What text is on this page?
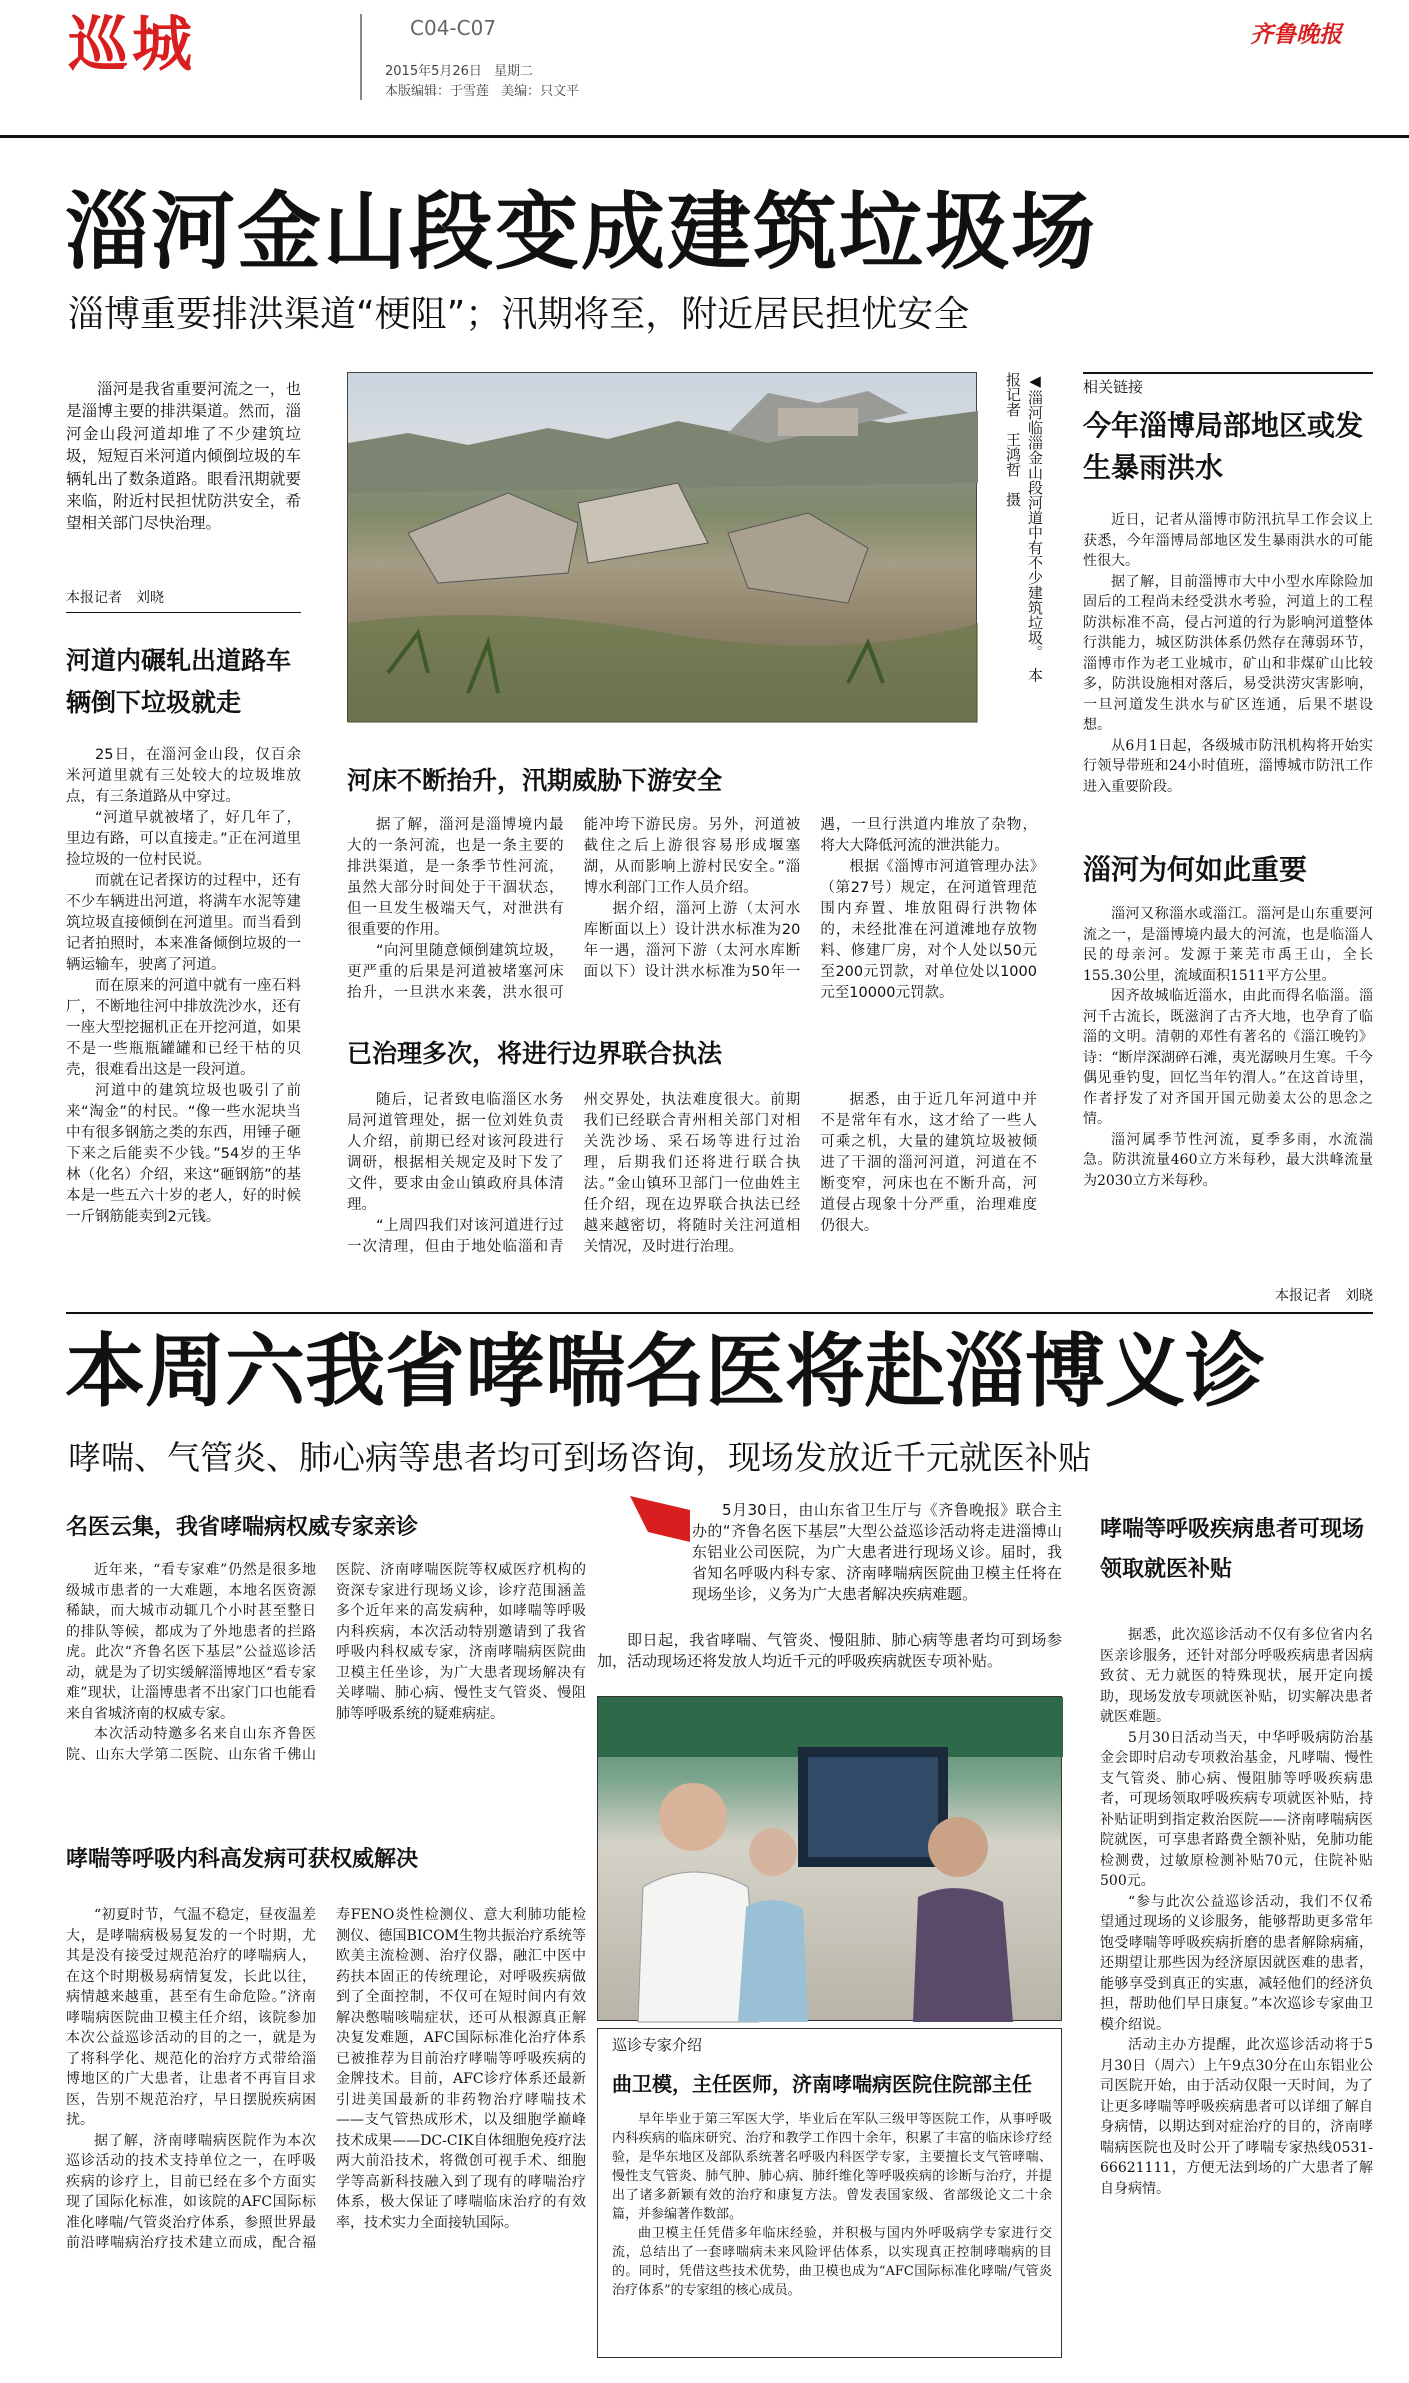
巡城	C04-C07
2015年5月26日 星期二
本版编辑：于雪莲 美编：只文平
齐鲁晚报
淄河金山段变成建筑垃圾场
淄博重要排洪渠道“梗阻”；汛期将至，附近居民担忧安全

淄河是我省重要河流之一，也是淄博主要的排洪渠道。然而，淄河金山段河道却堆了不少建筑垃圾，短短百米河道内倾倒垃圾的车辆轧出了数条道路。眼看汛期就要来临，附近村民担忧防洪安全，希望相关部门尽快治理。

本报记者　刘晓
河道内碾轧出道路车辆倒下垃圾就走

25日，在淄河金山段，仅百余米河道里就有三处较大的垃圾堆放点，有三条道路从中穿过。

“河道早就被堵了，好几年了，里边有路，可以直接走。”正在河道里捡垃圾的一位村民说。

而就在记者探访的过程中，还有不少车辆进出河道，将满车水泥等建筑垃圾直接倾倒在河道里。而当看到记者拍照时，本来准备倾倒垃圾的一辆运输车，驶离了河道。

而在原来的河道中就有一座石料厂，不断地往河中排放洗沙水，还有一座大型挖掘机正在开挖河道，如果不是一些瓶瓶罐罐和已经干枯的贝壳，很难看出这是一段河道。

河道中的建筑垃圾也吸引了前来“淘金”的村民。“像一些水泥块当中有很多钢筋之类的东西，用锤子砸下来之后能卖不少钱。”54岁的王华林（化名）介绍，来这“砸钢筋”的基本是一些五六十岁的老人，好的时候一斤钢筋能卖到2元钱。

◀淄河临淄金山段河道中有不少建筑垃圾。　本报记者　王鸿哲　摄
河床不断抬升，汛期威胁下游安全

据了解，淄河是淄博境内最大的一条河流，也是一条主要的排洪渠道，是一条季节性河流，虽然大部分时间处于干涸状态，但一旦发生极端天气，对泄洪有很重要的作用。

“向河里随意倾倒建筑垃圾，更严重的后果是河道被堵塞河床抬升，一旦洪水来袭，洪水很可能冲垮下游民房。另外，河道被截住之后上游很容易形成堰塞湖，从而影响上游村民安全。”淄博水利部门工作人员介绍。

据介绍，淄河上游（太河水库断面以上）设计洪水标准为20年一遇，淄河下游（太河水库断面以下）设计洪水标准为50年一遇，一旦行洪道内堆放了杂物，将大大降低河流的泄洪能力。

根据《淄博市河道管理办法》（第27号）规定，在河道管理范围内弃置、堆放阻碍行洪物体的，未经批准在河道滩地存放物料、修建厂房，对个人处以50元至200元罚款，对单位处以1000元至10000元罚款。

已治理多次，将进行边界联合执法

随后，记者致电临淄区水务局河道管理处，据一位刘姓负责人介绍，前期已经对该河段进行调研，根据相关规定及时下发了文件，要求由金山镇政府具体清理。

“上周四我们对该河道进行过一次清理，但由于地处临淄和青州交界处，执法难度很大。前期我们已经联合青州相关部门对相关洗沙场、采石场等进行过治理，后期我们还将进行联合执法。”金山镇环卫部门一位曲姓主任介绍，现在边界联合执法已经越来越密切，将随时关注河道相关情况，及时进行治理。

据悉，由于近几年河道中并不是常年有水，这才给了一些人可乘之机，大量的建筑垃圾被倾进了干涸的淄河河道，河道在不断变窄，河床也在不断升高，河道侵占现象十分严重，治理难度仍很大。

相关链接
今年淄博局部地区或发生暴雨洪水

近日，记者从淄博市防汛抗旱工作会议上获悉，今年淄博局部地区发生暴雨洪水的可能性很大。

据了解，目前淄博市大中小型水库除险加固后的工程尚未经受洪水考验，河道上的工程防洪标准不高，侵占河道的行为影响河道整体行洪能力，城区防洪体系仍然存在薄弱环节，淄博市作为老工业城市，矿山和非煤矿山比较多，防洪设施相对落后，易受洪涝灾害影响，一旦河道发生洪水与矿区连通，后果不堪设想。

从6月1日起，各级城市防汛机构将开始实行领导带班和24小时值班，淄博城市防汛工作进入重要阶段。

淄河为何如此重要

淄河又称淄水或淄江。淄河是山东重要河流之一，是淄博境内最大的河流，也是临淄人民的母亲河。发源于莱芜市禹王山，全长155.30公里，流域面积1511平方公里。

因齐故城临近淄水，由此而得名临淄。淄河千古流长，既滋润了古齐大地，也孕育了临淄的文明。清朝的邓性有著名的《淄江晚钓》诗：“断岸深湖碎石滩，夷光潺映月生寒。千今偶见垂钓叟，回忆当年钓渭人。”在这首诗里，作者抒发了对齐国开国元勋姜太公的思念之情。

淄河属季节性河流，夏季多雨，水流湍急。防洪流量460立方米每秒，最大洪峰流量为2030立方米每秒。

本报记者　刘晓
本周六我省哮喘名医将赴淄博义诊
哮喘、气管炎、肺心病等患者均可到场咨询，现场发放近千元就医补贴
名医云集，我省哮喘病权威专家亲诊

近年来，“看专家难”仍然是很多地级城市患者的一大难题，本地名医资源稀缺，而大城市动辄几个小时甚至整日的排队等候，都成为了外地患者的拦路虎。此次“齐鲁名医下基层”公益巡诊活动，就是为了切实缓解淄博地区“看专家难”现状，让淄博患者不出家门口也能看来自省城济南的权威专家。

本次活动特邀多名来自山东齐鲁医院、山东大学第二医院、山东省千佛山医院、济南哮喘医院等权威医疗机构的资深专家进行现场义诊，诊疗范围涵盖多个近年来的高发病种，如哮喘等呼吸内科疾病，本次活动特别邀请到了我省呼吸内科权威专家，济南哮喘病医院曲卫模主任坐诊，为广大患者现场解决有关哮喘、肺心病、慢性支气管炎、慢阻肺等呼吸系统的疑难病症。

哮喘等呼吸内科高发病可获权威解决

“初夏时节，气温不稳定，昼夜温差大，是哮喘病极易复发的一个时期，尤其是没有接受过规范治疗的哮喘病人，在这个时期极易病情复发，长此以往，病情越来越重，甚至有生命危险。”济南哮喘病医院曲卫模主任介绍，该院参加本次公益巡诊活动的目的之一，就是为了将科学化、规范化的治疗方式带给淄博地区的广大患者，让患者不再盲目求医，告别不规范治疗，早日摆脱疾病困扰。

据了解，济南哮喘病医院作为本次巡诊活动的技术支持单位之一，在呼吸疾病的诊疗上，目前已经在多个方面实现了国际化标准，如该院的AFC国际标准化哮喘/气管炎治疗体系，参照世界最前沿哮喘病治疗技术建立而成，配合福寿FENO炎性检测仪、意大利肺功能检测仪、德国BICOM生物共振治疗系统等欧美主流检测、治疗仪器，融汇中医中药扶本固正的传统理论，对呼吸疾病做到了全面控制，不仅可在短时间内有效解决憋喘咳喘症状，还可从根源真正解决复发难题，AFC国际标准化治疗体系已被推荐为目前治疗哮喘等呼吸疾病的金牌技术。目前，AFC诊疗体系还最新引进美国最新的非药物治疗哮喘技术——支气管热成形术，以及细胞学巅峰技术成果——DC-CIK自体细胞免疫疗法两大前沿技术，将微创可视手术、细胞学等高新科技融入到了现有的哮喘治疗体系，极大保证了哮喘临床治疗的有效率，技术实力全面接轨国际。

5月30日，由山东省卫生厅与《齐鲁晚报》联合主办的“齐鲁名医下基层”大型公益巡诊活动将走进淄博山东铝业公司医院，为广大患者进行现场义诊。届时，我省知名呼吸内科专家、济南哮喘病医院曲卫模主任将在现场坐诊，义务为广大患者解决疾病难题。

即日起，我省哮喘、气管炎、慢阻肺、肺心病等患者均可到场参加，活动现场还将发放人均近千元的呼吸疾病就医专项补贴。

巡诊专家介绍
曲卫模，主任医师，济南哮喘病医院住院部主任

早年毕业于第三军医大学，毕业后在军队三级甲等医院工作，从事呼吸内科疾病的临床研究、治疗和教学工作四十余年，积累了丰富的临床诊疗经验，是华东地区及部队系统著名呼吸内科医学专家，主要擅长支气管哮喘、慢性支气管炎、肺气肿、肺心病、肺纤维化等呼吸疾病的诊断与治疗，并提出了诸多新颖有效的治疗和康复方法。曾发表国家级、省部级论文二十余篇，并参编著作数部。

曲卫模主任凭借多年临床经验，并积极与国内外呼吸病学专家进行交流，总结出了一套哮喘病未来风险评估体系，以实现真正控制哮喘病的目的。同时，凭借这些技术优势，曲卫模也成为“AFC国际标准化哮喘/气管炎治疗体系”的专家组的核心成员。

哮喘等呼吸疾病患者可现场领取就医补贴

据悉，此次巡诊活动不仅有多位省内名医亲诊服务，还针对部分呼吸疾病患者因病致贫、无力就医的特殊现状，展开定向援助，现场发放专项就医补贴，切实解决患者就医难题。

5月30日活动当天，中华呼吸病防治基金会即时启动专项救治基金，凡哮喘、慢性支气管炎、肺心病、慢阻肺等呼吸疾病患者，可现场领取呼吸疾病专项就医补贴，持补贴证明到指定救治医院——济南哮喘病医院就医，可享患者路费全额补贴，免肺功能检测费，过敏原检测补贴70元，住院补贴500元。

“参与此次公益巡诊活动，我们不仅希望通过现场的义诊服务，能够帮助更多常年饱受哮喘等呼吸疾病折磨的患者解除病痛，还期望让那些因为经济原因就医难的患者，能够享受到真正的实惠，减轻他们的经济负担，帮助他们早日康复。”本次巡诊专家曲卫模介绍说。

活动主办方提醒，此次巡诊活动将于5月30日（周六）上午9点30分在山东铝业公司医院开始，由于活动仅限一天时间，为了让更多哮喘等呼吸疾病患者可以详细了解自身病情，以期达到对症治疗的目的，济南哮喘病医院也及时公开了哮喘专家热线0531-66621111，方便无法到场的广大患者了解自身病情。
